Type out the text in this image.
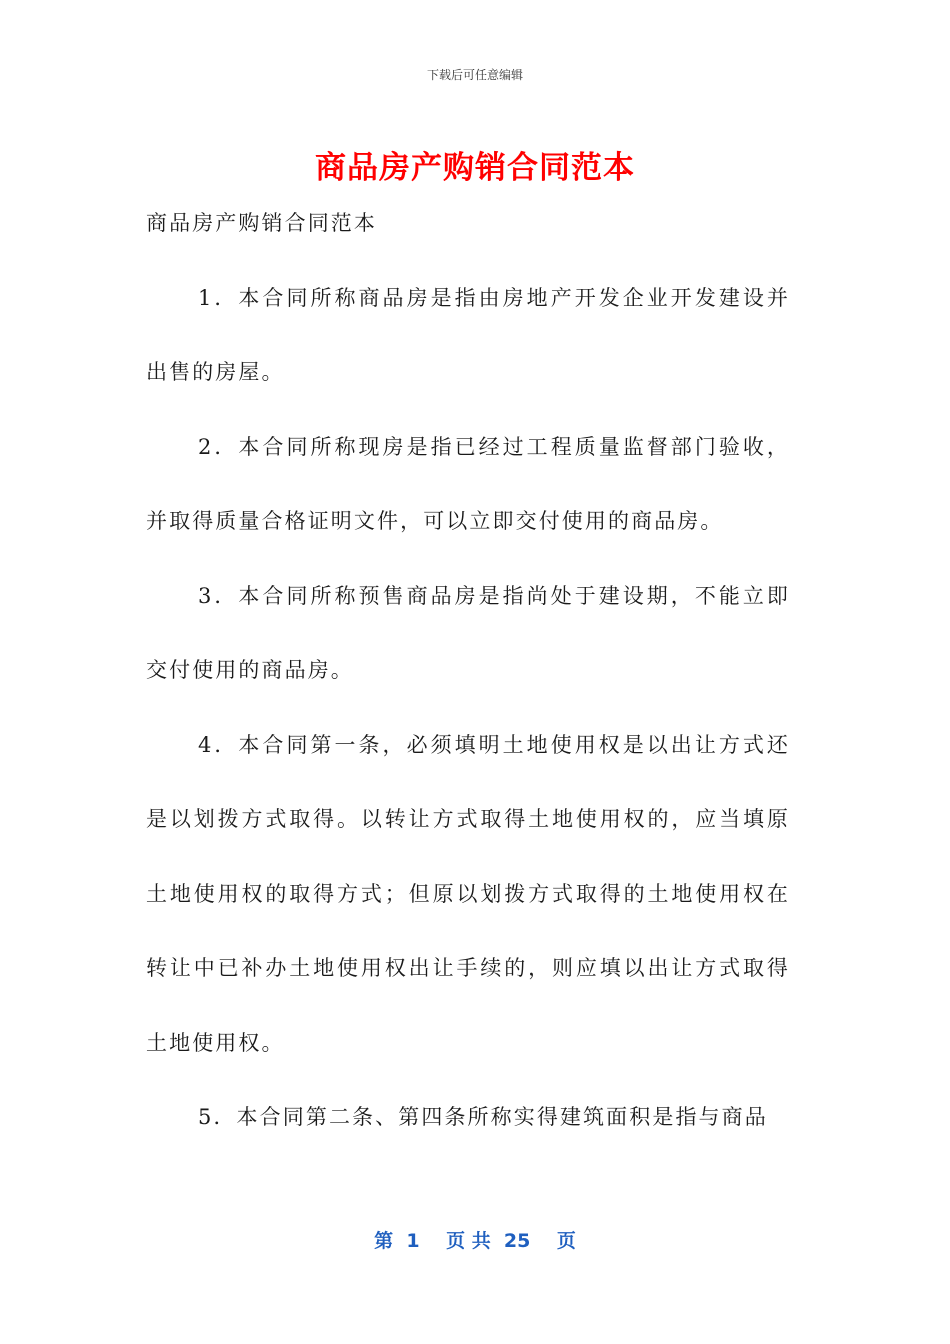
下载后可任意编辑
商品房产购销合同范本

商品房产购销合同范本

1．本合同所称商品房是指由房地产开发企业开发建设并出售的房屋。

2．本合同所称现房是指已经过工程质量监督部门验收，并取得质量合格证明文件，可以立即交付使用的商品房。

3．本合同所称预售商品房是指尚处于建设期，不能立即交付使用的商品房。

4．本合同第一条，必须填明土地使用权是以出让方式还是以划拨方式取得。以转让方式取得土地使用权的，应当填原土地使用权的取得方式；但原以划拨方式取得的土地使用权在转让中已补办土地使用权出让手续的，则应填以出让方式取得土地使用权。

5．本合同第二条、第四条所称实得建筑面积是指与商品

第  1    页 共  25    页
